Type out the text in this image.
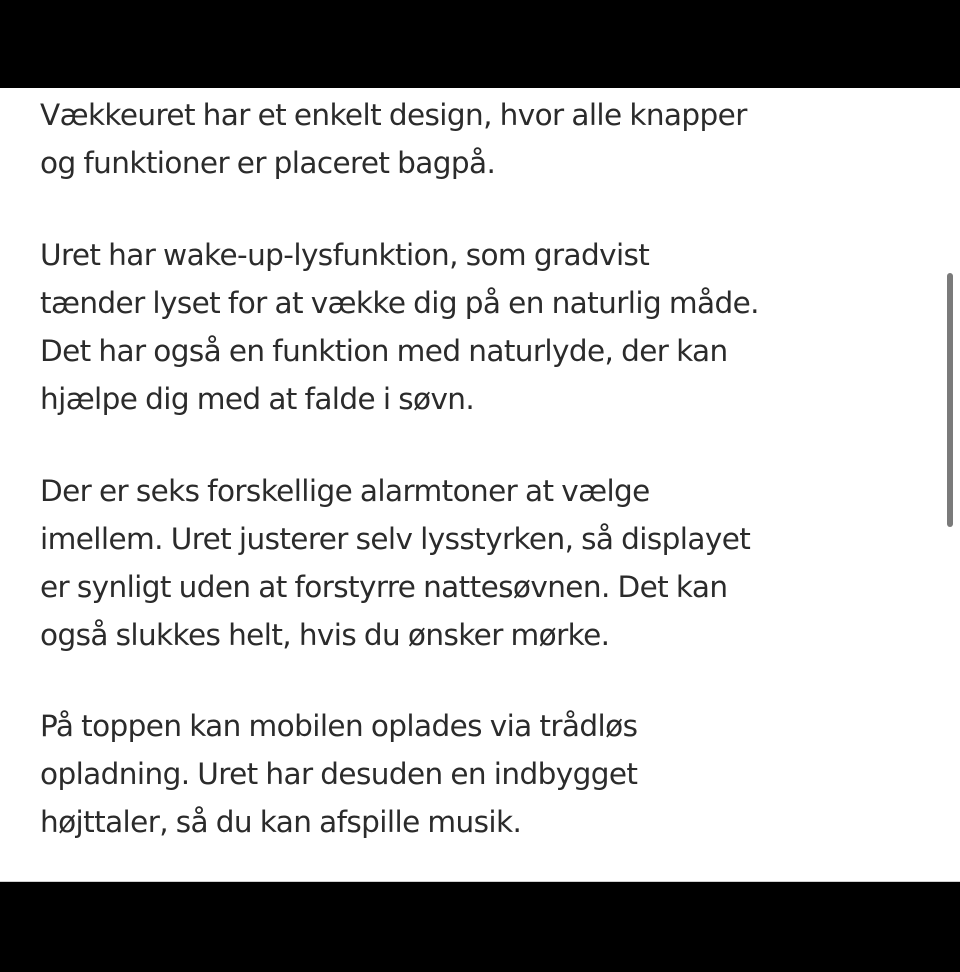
Vækkeuret har et enkelt design, hvor alle knapper
og funktioner er placeret bagpå.

Uret har wake-up-lysfunktion, som gradvist
tænder lyset for at vække dig på en naturlig måde.
Det har også en funktion med naturlyde, der kan
hjælpe dig med at falde i søvn.

Der er seks forskellige alarmtoner at vælge
imellem. Uret justerer selv lysstyrken, så displayet
er synligt uden at forstyrre nattesøvnen. Det kan
også slukkes helt, hvis du ønsker mørke.

På toppen kan mobilen oplades via trådløs
opladning. Uret har desuden en indbygget
højttaler, så du kan afspille musik.
